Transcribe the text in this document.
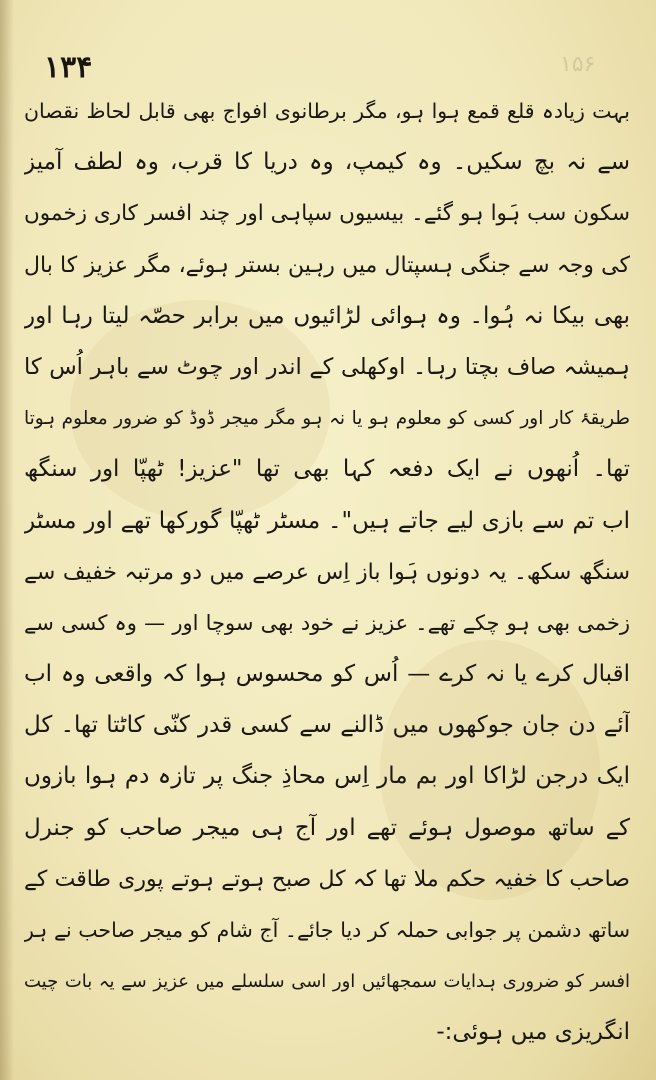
۱۳۴	۱۵۶
بہت زیادہ قلع قمع ہوا ہو، مگر برطانوی افواج بھی قابل لحاظ نقصان
سے نہ بچ سکیں۔ وہ کیمپ، وہ دریا کا قرب، وہ لطف آمیز
سکون سب ہَوا ہو گئے۔ بیسیوں سپاہی اور چند افسر کاری زخموں
کی وجہ سے جنگی ہسپتال میں رہین بستر ہوئے، مگر عزیز کا بال
بھی بیکا نہ ہُوا۔ وہ ہوائی لڑائیوں میں برابر حصّہ لیتا رہا اور
ہمیشہ صاف بچتا رہا۔ اوکھلی کے اندر اور چوٹ سے باہر اُس کا
طریقۂ کار اور کسی کو معلوم ہو یا نہ ہو مگر میجر ڈوڈ کو ضرور معلوم ہوتا
تھا۔ اُنھوں نے ایک دفعہ کہا بھی تھا "عزیز! ٹھپّا اور سنگھ
اب تم سے بازی لیے جاتے ہیں"۔ مسٹر ٹھپّا گورکھا تھے اور مسٹر
سنگھ سکھ۔ یہ دونوں ہَوا باز اِس عرصے میں دو مرتبہ خفیف سے
زخمی بھی ہو چکے تھے۔ عزیز نے خود بھی سوچا اور — وہ کسی سے
اقبال کرے یا نہ کرے — اُس کو محسوس ہوا کہ واقعی وہ اب
آئے دن جان جوکھوں میں ڈالنے سے کسی قدر کنّی کاٹتا تھا۔ کل
ایک درجن لڑاکا اور بم مار اِس محاذِ جنگ پر تازہ دم ہوا بازوں
کے ساتھ موصول ہوئے تھے اور آج ہی میجر صاحب کو جنرل
صاحب کا خفیہ حکم ملا تھا کہ کل صبح ہوتے ہوتے پوری طاقت کے
ساتھ دشمن پر جوابی حملہ کر دیا جائے۔ آج شام کو میجر صاحب نے ہر
افسر کو ضروری ہدایات سمجھائیں اور اسی سلسلے میں عزیز سے یہ بات چیت
انگریزی میں ہوئی:-
